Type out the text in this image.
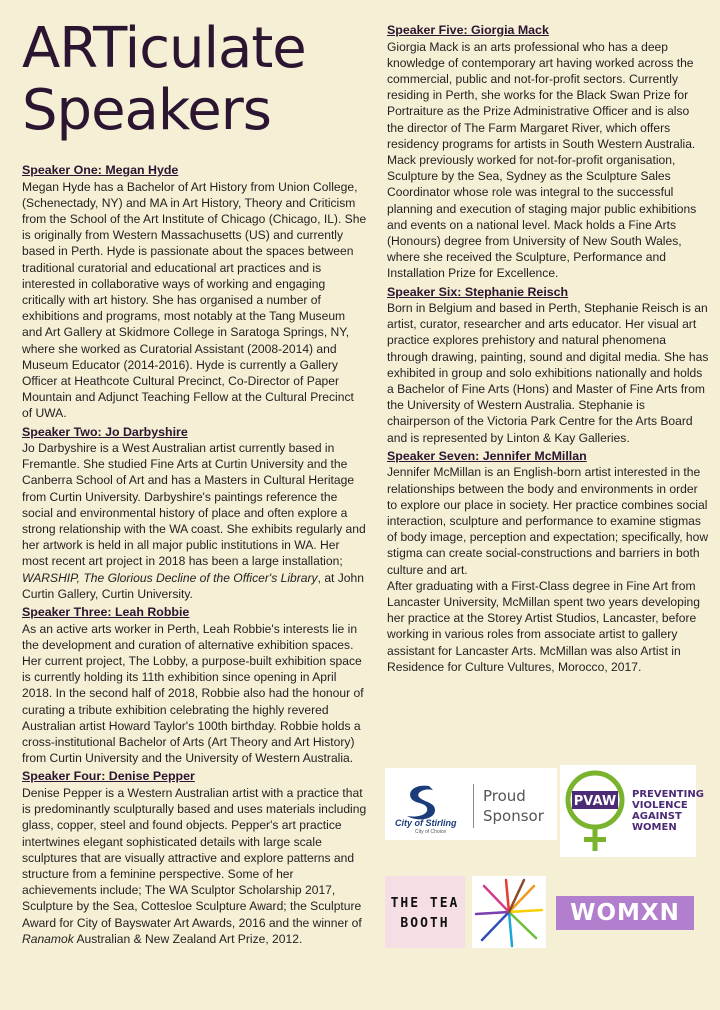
ARTiculate
Speakers
Speaker One: Megan Hyde
Megan Hyde has a Bachelor of Art History from Union College, (Schenectady, NY) and MA in Art History, Theory and Criticism from the School of the Art Institute of Chicago (Chicago, IL). She is originally from Western Massachusetts (US) and currently based in Perth. Hyde is passionate about the spaces between traditional curatorial and educational art practices and is interested in collaborative ways of working and engaging critically with art history. She has organised a number of exhibitions and programs, most notably at the Tang Museum and Art Gallery at Skidmore College in Saratoga Springs, NY, where she worked as Curatorial Assistant (2008-2014) and Museum Educator (2014-2016). Hyde is currently a Gallery Officer at Heathcote Cultural Precinct, Co-Director of Paper Mountain and Adjunct Teaching Fellow at the Cultural Precinct of UWA.
Speaker Two: Jo Darbyshire
Jo Darbyshire is a West Australian artist currently based in Fremantle. She studied Fine Arts at Curtin University and the Canberra School of Art and has a Masters in Cultural Heritage from Curtin University. Darbyshire's paintings reference the social and environmental history of place and often explore a strong relationship with the WA coast. She exhibits regularly and her artwork is held in all major public institutions in WA. Her most recent art project in 2018 has been a large installation; WARSHIP, The Glorious Decline of the Officer's Library, at John Curtin Gallery, Curtin University.
Speaker Three: Leah Robbie
As an active arts worker in Perth, Leah Robbie's interests lie in the development and curation of alternative exhibition spaces. Her current project, The Lobby, a purpose-built exhibition space is currently holding its 11th exhibition since opening in April 2018. In the second half of 2018, Robbie also had the honour of curating a tribute exhibition celebrating the highly revered Australian artist Howard Taylor's 100th birthday. Robbie holds a cross-institutional Bachelor of Arts (Art Theory and Art History) from Curtin University and the University of Western Australia.
Speaker Four: Denise Pepper
Denise Pepper is a Western Australian artist with a practice that is predominantly sculpturally based and uses materials including glass, copper, steel and found objects. Pepper's art practice intertwines elegant sophisticated details with large scale sculptures that are visually attractive and explore patterns and structure from a feminine perspective. Some of her achievements include; The WA Sculptor Scholarship 2017, Sculpture by the Sea, Cottesloe Sculpture Award; the Sculpture Award for City of Bayswater Art Awards, 2016 and the winner of Ranamok Australian & New Zealand Art Prize, 2012.
Speaker Five: Giorgia Mack
Giorgia Mack is an arts professional who has a deep knowledge of contemporary art having worked across the commercial, public and not-for-profit sectors. Currently residing in Perth, she works for the Black Swan Prize for Portraiture as the Prize Administrative Officer and is also the director of The Farm Margaret River, which offers residency programs for artists in South Western Australia. Mack previously worked for not-for-profit organisation, Sculpture by the Sea, Sydney as the Sculpture Sales Coordinator whose role was integral to the successful planning and execution of staging major public exhibitions and events on a national level. Mack holds a Fine Arts (Honours) degree from University of New South Wales, where she received the Sculpture, Performance and Installation Prize for Excellence.
Speaker Six: Stephanie Reisch
Born in Belgium and based in Perth, Stephanie Reisch is an artist, curator, researcher and arts educator. Her visual art practice explores prehistory and natural phenomena through drawing, painting, sound and digital media. She has exhibited in group and solo exhibitions nationally and holds a Bachelor of Fine Arts (Hons) and Master of Fine Arts from the University of Western Australia. Stephanie is chairperson of the Victoria Park Centre for the Arts Board and is represented by Linton & Kay Galleries.
Speaker Seven: Jennifer McMillan
Jennifer McMillan is an English-born artist interested in the relationships between the body and environments in order to explore our place in society. Her practice combines social interaction, sculpture and performance to examine stigmas of body image, perception and expectation; specifically, how stigma can create social-constructions and barriers in both culture and art.
After graduating with a First-Class degree in Fine Art from Lancaster University, McMillan spent two years developing her practice at the Storey Artist Studios, Lancaster, before working in various roles from associate artist to gallery assistant for Lancaster Arts. McMillan was also Artist in Residence for Culture Vultures, Morocco, 2017.
City of Stirling
City of Choice
Proud
Sponsor
PVAW PREVENTING
VIOLENCE
AGAINST
WOMEN
THE TEA
BOOTH	WOMXN
